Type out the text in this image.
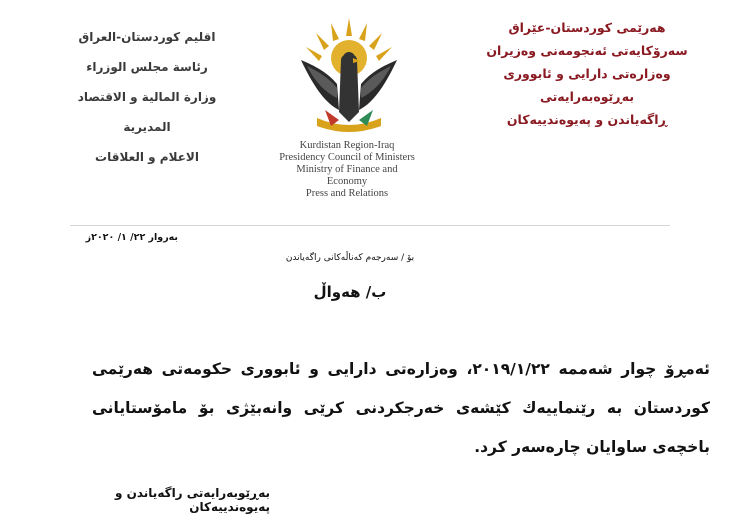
هەرێمی کوردستان-عێراق
سەرۆکایەتی ئەنجومەنی وەزیران
وەزارەتی دارایی و ئابووری
بەڕێوەبەرایەتی
ڕاگەیاندن و پەیوەندییەکان
اقليم كوردستان-العراق
رئاسة مجلس الوزراء
وزارة المالية و الاقتصاد
المديرية
الاعلام و العلاقات
Kurdistan Region-Iraq
Presidency Council of Ministers
Ministry of Finance and
Economy
Press and Relations
بەروار ٢٢/ ١/ ٢٠٢٠ز
بۆ / سەرجەم کەناڵەکانی راگەیاندن
ب/ هەواڵ
ئەمڕۆ چوار شەممە ٢٠١٩/١/٢٢، وەزارەتی دارایی و ئابووری حکومەتی هەرێمی کوردستان بە رێنماییەك کێشەی خەرجکردنی کرێی وانەبێژی بۆ مامۆستایانی باخچەی ساوایان چارەسەر کرد.
بەڕێوبەرایەتی راگەیاندن و پەیوەندییەکان
